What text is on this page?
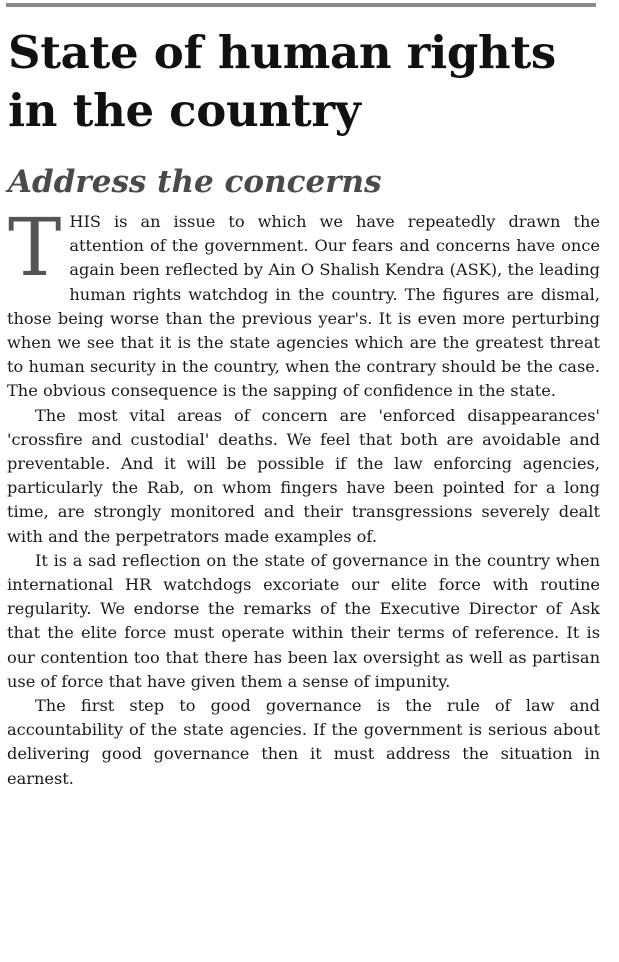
State of human rights in the country
Address the concerns

THIS is an issue to which we have repeatedly drawn the attention of the government. Our fears and concerns have once again been reflected by Ain O Shalish Kendra (ASK), the leading human rights watchdog in the country. The figures are dismal, those being worse than the previous year's. It is even more perturbing when we see that it is the state agencies which are the greatest threat to human security in the country, when the contrary should be the case. The obvious consequence is the sapping of confidence in the state.

The most vital areas of concern are 'enforced disappearances' 'crossfire and custodial' deaths. We feel that both are avoidable and preventable. And it will be possible if the law enforcing agencies, particularly the Rab, on whom fingers have been pointed for a long time, are strongly monitored and their transgressions severely dealt with and the perpetrators made examples of.

It is a sad reflection on the state of governance in the country when international HR watchdogs excoriate our elite force with routine regularity. We endorse the remarks of the Executive Director of Ask that the elite force must operate within their terms of reference. It is our contention too that there has been lax oversight as well as partisan use of force that have given them a sense of impunity.

The first step to good governance is the rule of law and accountability of the state agencies. If the government is serious about delivering good governance then it must address the situation in earnest.
